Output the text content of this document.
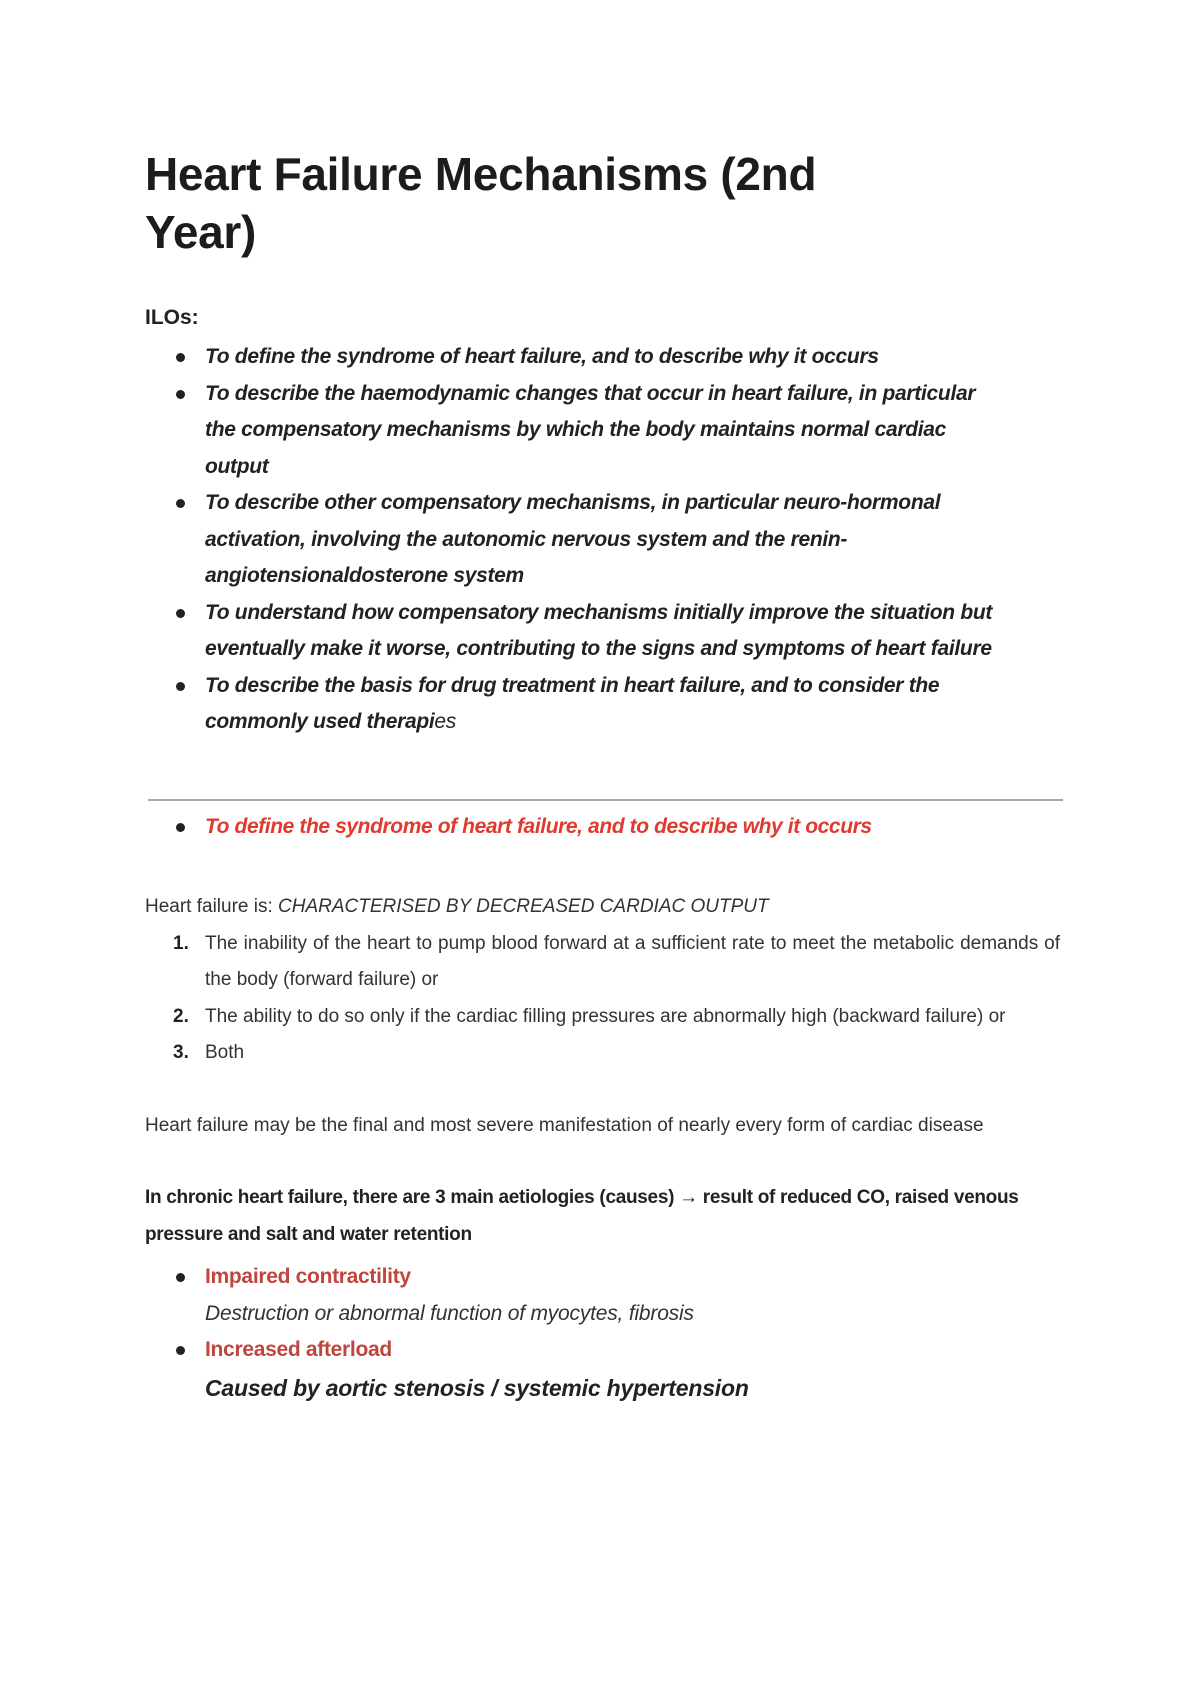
Heart Failure Mechanisms (2nd Year)
ILOs:
To define the syndrome of heart failure, and to describe why it occurs
To describe the haemodynamic changes that occur in heart failure, in particular the compensatory mechanisms by which the body maintains normal cardiac output
To describe other compensatory mechanisms, in particular neuro-hormonal activation, involving the autonomic nervous system and the renin-angiotensionaldosterone system
To understand how compensatory mechanisms initially improve the situation but eventually make it worse, contributing to the signs and symptoms of heart failure
To describe the basis for drug treatment in heart failure, and to consider the commonly used therapies
To define the syndrome of heart failure, and to describe why it occurs

Heart failure is: CHARACTERISED BY DECREASED CARDIAC OUTPUT

1. The inability of the heart to pump blood forward at a sufficient rate to meet the metabolic demands of the body (forward failure) or
2. The ability to do so only if the cardiac filling pressures are abnormally high (backward failure) or
3. Both

Heart failure may be the final and most severe manifestation of nearly every form of cardiac disease

In chronic heart failure, there are 3 main aetiologies (causes) → result of reduced CO, raised venous pressure and salt and water retention

Impaired contractility
Destruction or abnormal function of myocytes, fibrosis
Increased afterload
Caused by aortic stenosis / systemic hypertension
